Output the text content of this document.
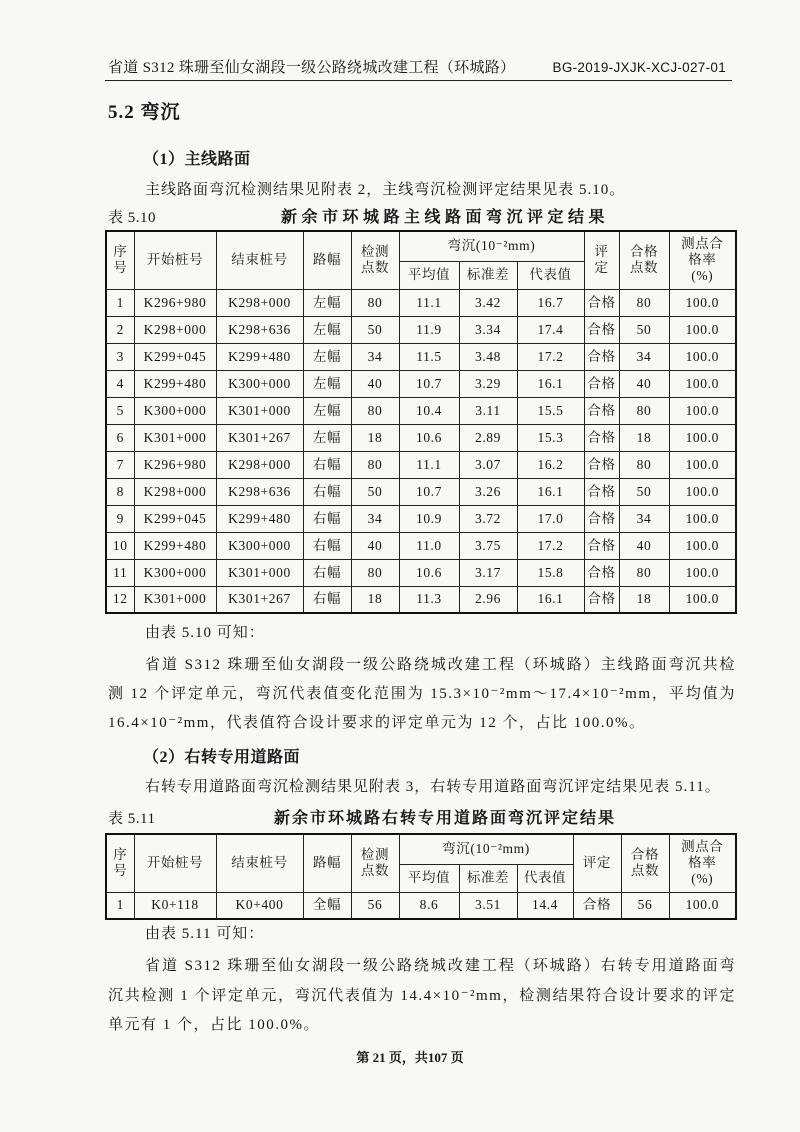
省道 S312 珠珊至仙女湖段一级公路绕城改建工程（环城路）	BG-2019-JXJK-XCJ-027-01
5.2 弯沉
（1）主线路面

主线路面弯沉检测结果见附表 2，主线弯沉检测评定结果见表 5.10。

表 5.10	新余市环城路主线路面弯沉评定结果
序号	开始桩号	结束桩号	路幅	检测点数	弯沉(10⁻²mm)			评定	合格点数	测点合格率(%)
					平均值	标准差	代表值			
1	K296+980	K298+000	左幅	80	11.1	3.42	16.7	合格	80	100.0
2	K298+000	K298+636	左幅	50	11.9	3.34	17.4	合格	50	100.0
3	K299+045	K299+480	左幅	34	11.5	3.48	17.2	合格	34	100.0
4	K299+480	K300+000	左幅	40	10.7	3.29	16.1	合格	40	100.0
5	K300+000	K301+000	左幅	80	10.4	3.11	15.5	合格	80	100.0
6	K301+000	K301+267	左幅	18	10.6	2.89	15.3	合格	18	100.0
7	K296+980	K298+000	右幅	80	11.1	3.07	16.2	合格	80	100.0
8	K298+000	K298+636	右幅	50	10.7	3.26	16.1	合格	50	100.0
9	K299+045	K299+480	右幅	34	10.9	3.72	17.0	合格	34	100.0
10	K299+480	K300+000	右幅	40	11.0	3.75	17.2	合格	40	100.0
11	K300+000	K301+000	右幅	80	10.6	3.17	15.8	合格	80	100.0
12	K301+000	K301+267	右幅	18	11.3	2.96	16.1	合格	18	100.0

由表 5.10 可知：

省道 S312 珠珊至仙女湖段一级公路绕城改建工程（环城路）主线路面弯沉共检测 12 个评定单元，弯沉代表值变化范围为 15.3×10⁻²mm～17.4×10⁻²mm，平均值为 16.4×10⁻²mm，代表值符合设计要求的评定单元为 12 个，占比 100.0%。

（2）右转专用道路面

右转专用道路面弯沉检测结果见附表 3，右转专用道路面弯沉评定结果见表 5.11。

表 5.11	新余市环城路右转专用道路面弯沉评定结果
序号	开始桩号	结束桩号	路幅	检测点数	弯沉(10⁻²mm)			评定	合格点数	测点合格率(%)
					平均值	标准差	代表值			
1	K0+118	K0+400	全幅	56	8.6	3.51	14.4	合格	56	100.0

由表 5.11 可知：

省道 S312 珠珊至仙女湖段一级公路绕城改建工程（环城路）右转专用道路面弯沉共检测 1 个评定单元，弯沉代表值为 14.4×10⁻²mm，检测结果符合设计要求的评定单元有 1 个，占比 100.0%。

第 21 页，共107 页
